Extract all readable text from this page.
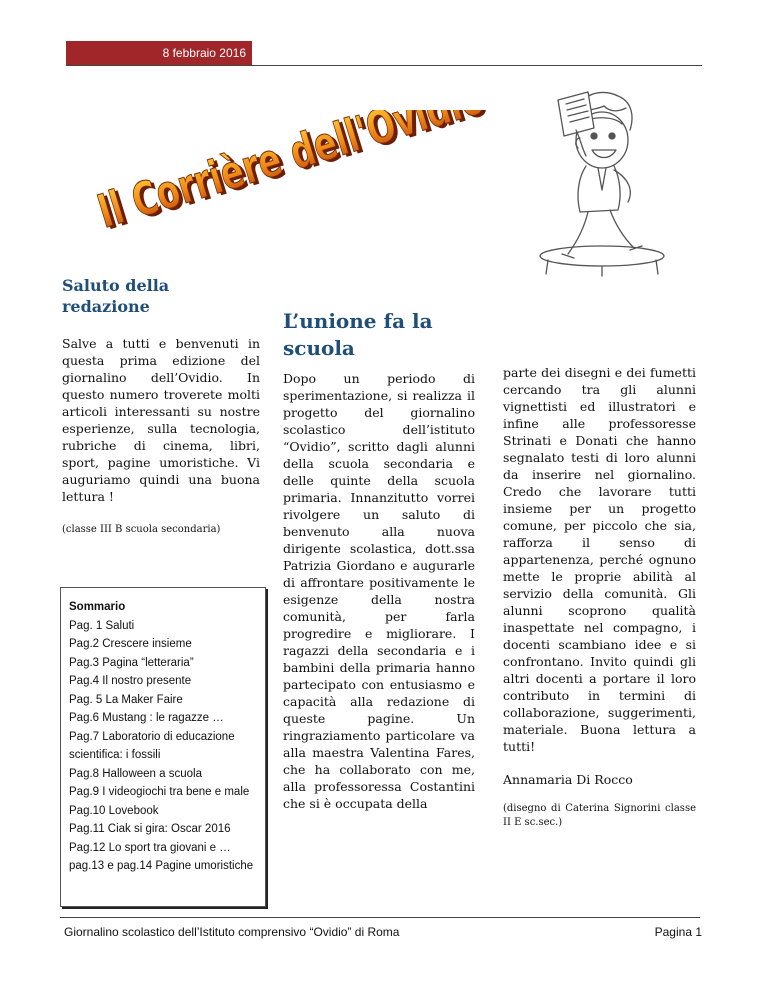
8 febbraio 2016
Il Corrière
Il Corrière
Saluto della redazione

Salve a tutti e benvenuti in questa prima edizione del giornalino dell’Ovidio. In questo numero troverete molti articoli interessanti su nostre esperienze, sulla tecnologia, rubriche di cinema, libri, sport, pagine umoristiche. Vi auguriamo quindi una buona lettura !

(classe III B scuola secondaria)
Sommario
Pag. 1 Saluti
Pag.2 Crescere insieme
Pag.3 Pagina “letteraria”
Pag.4 Il nostro presente
Pag. 5 La Maker Faire
Pag.6 Mustang : le ragazze …
Pag.7 Laboratorio di educazione scientifica: i fossili
Pag.8 Halloween a scuola
Pag.9 I videogiochi tra bene e male
Pag.10 Lovebook
Pag.11 Ciak si gira: Oscar 2016
Pag.12 Lo sport tra giovani e …
pag.13 e pag.14 Pagine umoristiche
L’unione fa la scuola

Dopo un periodo di sperimentazione, si realizza il progetto del giornalino scolastico dell’istituto “Ovidio”, scritto dagli alunni della scuola secondaria e delle quinte della scuola primaria. Innanzitutto vorrei rivolgere un saluto di benvenuto alla nuova dirigente scolastica, dott.ssa Patrizia Giordano e augurarle di affrontare positivamente le esigenze della nostra comunità, per farla progredire e migliorare. I ragazzi della secondaria e i bambini della primaria hanno partecipato con entusiasmo e capacità alla redazione di queste pagine. Un ringraziamento particolare va alla maestra Valentina Fares, che ha collaborato con me, alla professoressa Costantini che si è occupata della

parte dei disegni e dei fumetti cercando tra gli alunni vignettisti ed illustratori e infine alle professoresse Strinati e Donati che hanno segnalato testi di loro alunni da inserire nel giornalino. Credo che lavorare tutti insieme per un progetto comune, per piccolo che sia, rafforza il senso di appartenenza, perché ognuno mette le proprie abilità al servizio della comunità. Gli alunni scoprono qualità inaspettate nel compagno, i docenti scambiano idee e si confrontano. Invito quindi gli altri docenti a portare il loro contributo in termini di collaborazione, suggerimenti, materiale. Buona lettura a tutti!

Annamaria Di Rocco
(disegno di Caterina Signorini classe II E sc.sec.)
Giornalino scolastico dell’Istituto comprensivo “Ovidio” di Roma	Pagina 1
